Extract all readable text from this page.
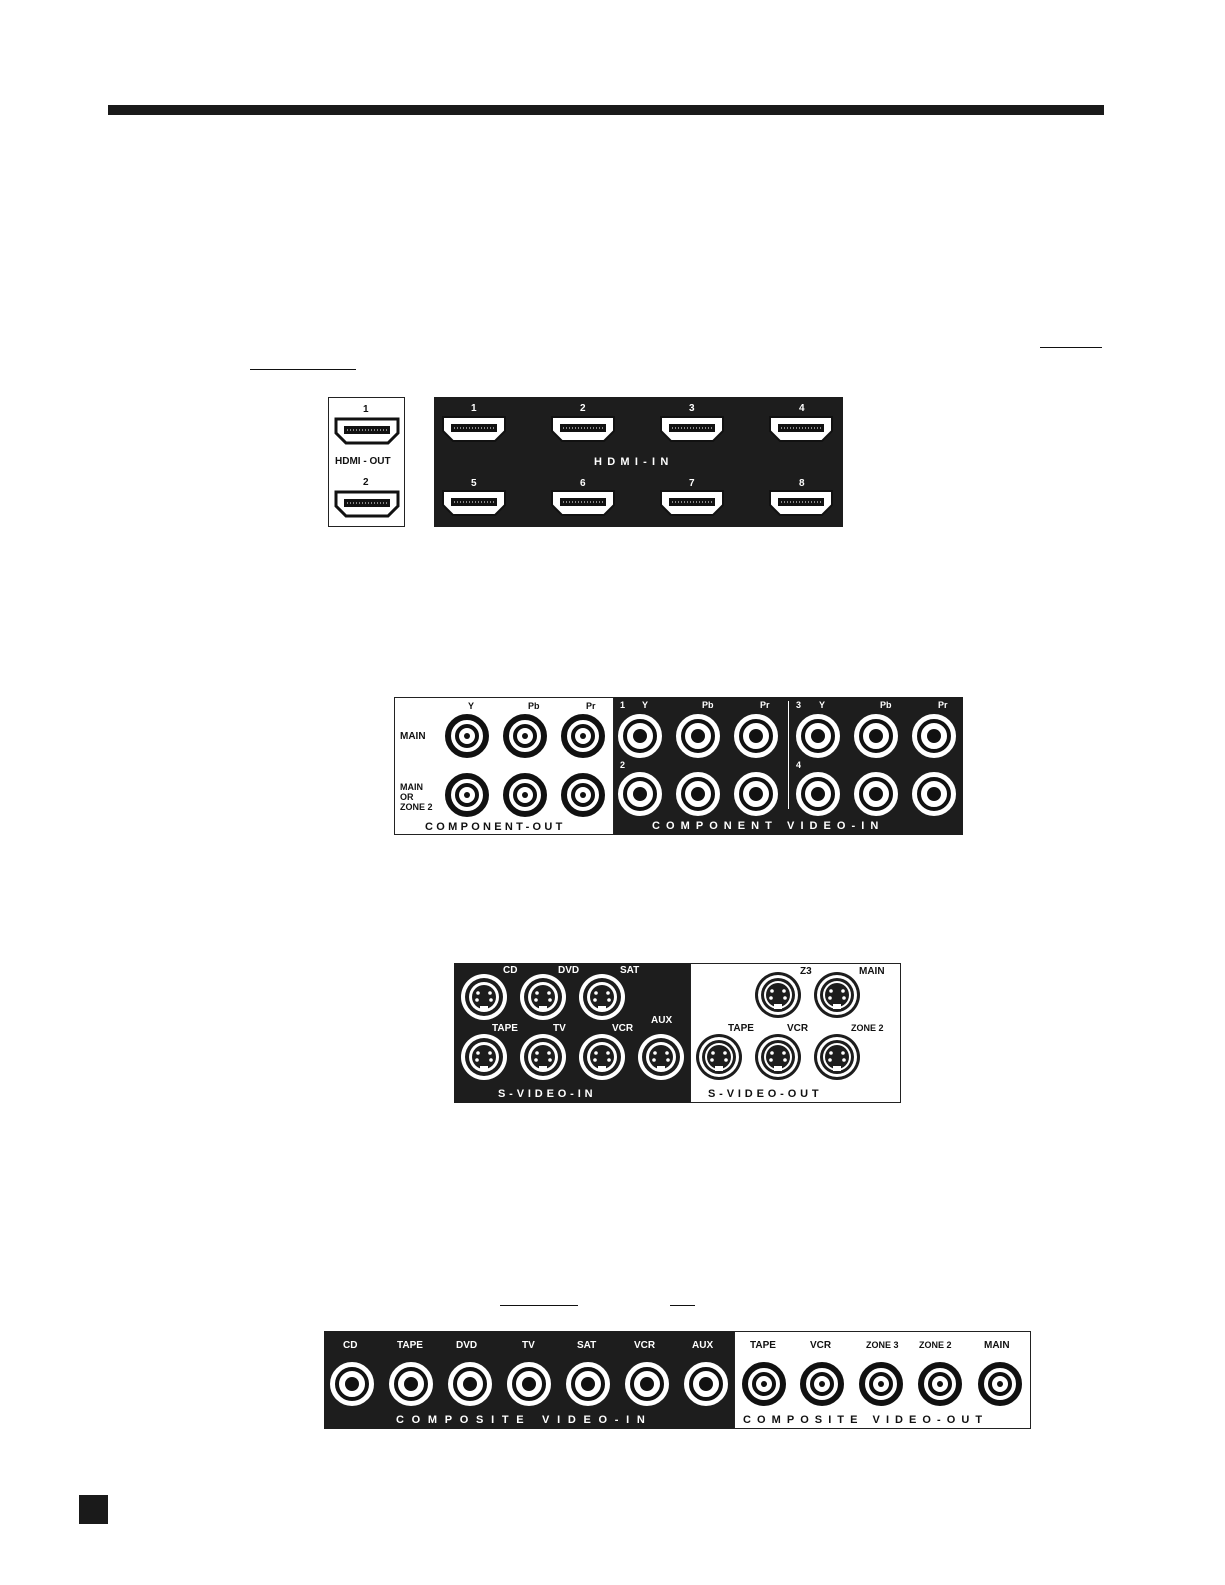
1
HDMI - OUT
2
1	2	3	4
H D M I - I N
5	6	7	8
Y	Pb	Pr
MAIN
MAIN
OR
ZONE 2
COMPONENT-OUT
1 Y	Pb	Pr	3 Y	Pb	Pr
2	4
COMPONENT VIDEO-IN
CD	DVD	SAT
TAPE	TV	VCR
AUX
S-VIDEO-IN
Z3	MAIN
TAPE	VCR	ZONE 2
S-VIDEO-OUT
CD	TAPE	DVD	TV	SAT	VCR	AUX
COMPOSITE VIDEO-IN
TAPE	VCR	ZONE 3 ZONE 2	MAIN
COMPOSITE VIDEO-OUT
